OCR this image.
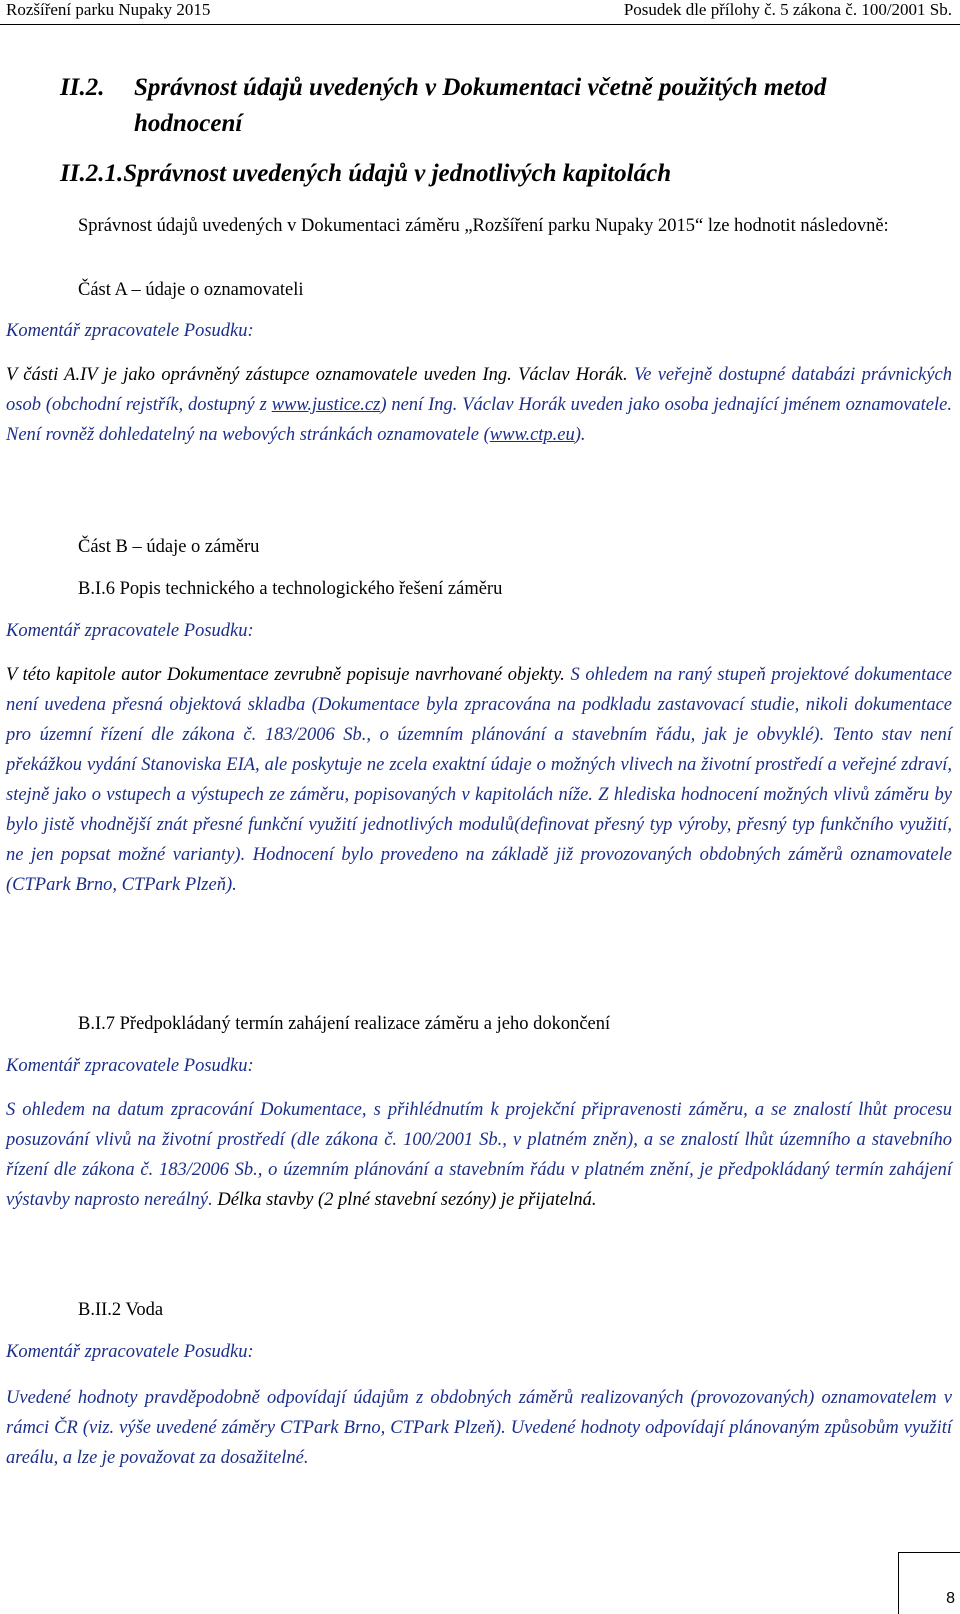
Rozšíření parku Nupaky 2015	Posudek dle přílohy č. 5 zákona č. 100/2001 Sb.
II.2. Správnost údajů uvedených v Dokumentaci včetně použitých metod
hodnocení
II.2.1.Správnost uvedených údajů v jednotlivých kapitolách
Správnost údajů uvedených v Dokumentaci záměru „Rozšíření parku Nupaky 2015“ lze hodnotit následovně:
Část A – údaje o oznamovateli
Komentář zpracovatele Posudku:
V části A.IV je jako oprávněný zástupce oznamovatele uveden Ing. Václav Horák. Ve veřejně dostupné databázi právnických osob (obchodní rejstřík, dostupný z www.justice.cz) není Ing. Václav Horák uveden jako osoba jednající jménem oznamovatele. Není rovněž dohledatelný na webových stránkách oznamovatele (www.ctp.eu).
Část B – údaje o záměru
B.I.6 Popis technického a technologického řešení záměru
Komentář zpracovatele Posudku:
V této kapitole autor Dokumentace zevrubně popisuje navrhované objekty. S ohledem na raný stupeň projektové dokumentace není uvedena přesná objektová skladba (Dokumentace byla zpracována na podkladu zastavovací studie, nikoli dokumentace pro územní řízení dle zákona č. 183/2006 Sb., o územním plánování a stavebním řádu, jak je obvyklé). Tento stav není překážkou vydání Stanoviska EIA, ale poskytuje ne zcela exaktní údaje o možných vlivech na životní prostředí a veřejné zdraví, stejně jako o vstupech a výstupech ze záměru, popisovaných v kapitolách níže. Z hlediska hodnocení možných vlivů záměru by bylo jistě vhodnější znát přesné funkční využití jednotlivých modulů(definovat přesný typ výroby, přesný typ funkčního využití, ne jen popsat možné varianty). Hodnocení bylo provedeno na základě již provozovaných obdobných záměrů oznamovatele (CTPark Brno, CTPark Plzeň).
B.I.7 Předpokládaný termín zahájení realizace záměru a jeho dokončení
Komentář zpracovatele Posudku:
S ohledem na datum zpracování Dokumentace, s přihlédnutím k projekční připravenosti záměru, a se znalostí lhůt procesu posuzování vlivů na životní prostředí (dle zákona č. 100/2001 Sb., v platném zněn), a se znalostí lhůt územního a stavebního řízení dle zákona č. 183/2006 Sb., o územním plánování a stavebním řádu v platném znění, je předpokládaný termín zahájení výstavby naprosto nereálný. Délka stavby (2 plné stavební sezóny) je přijatelná.
B.II.2 Voda
Komentář zpracovatele Posudku:
Uvedené hodnoty pravděpodobně odpovídají údajům z obdobných záměrů realizovaných (provozovaných) oznamovatelem v rámci ČR (viz. výše uvedené záměry CTPark Brno, CTPark Plzeň). Uvedené hodnoty odpovídají plánovaným způsobům využití areálu, a lze je považovat za dosažitelné.
8
